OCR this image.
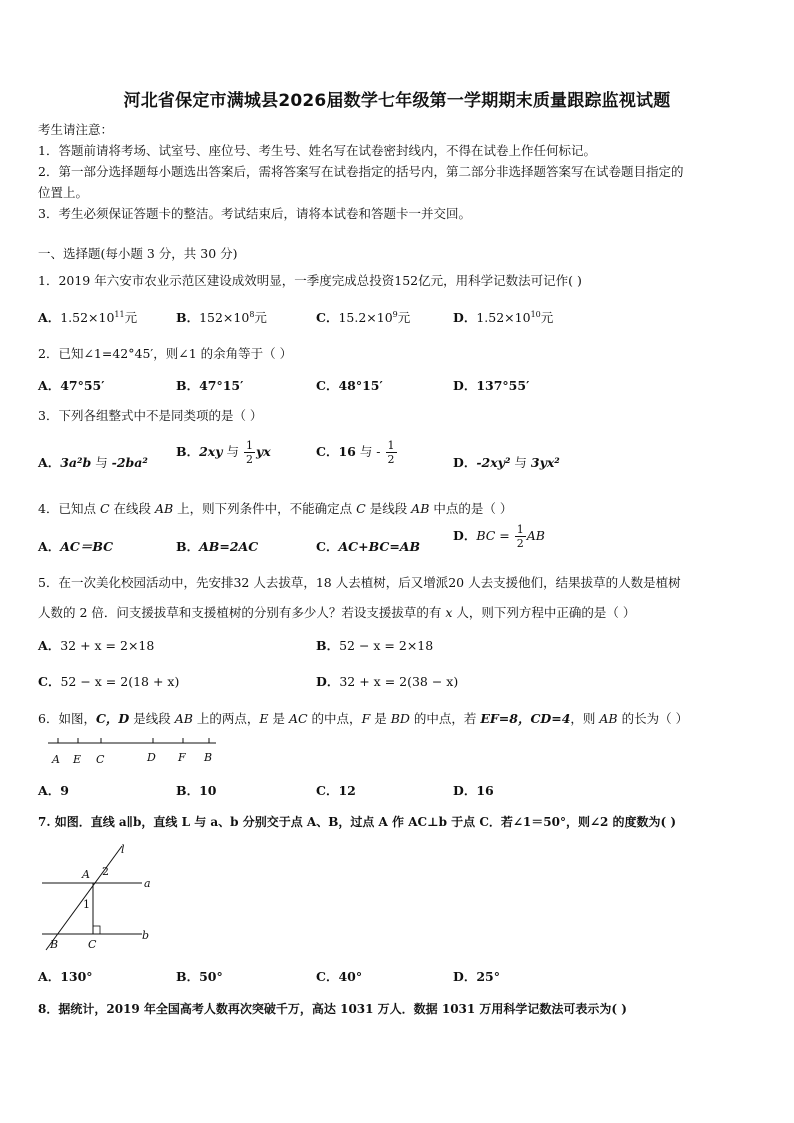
河北省保定市满城县2026届数学七年级第一学期期末质量跟踪监视试题
考生请注意：
1．答题前请将考场、试室号、座位号、考生号、姓名写在试卷密封线内，不得在试卷上作任何标记。
2．第一部分选择题每小题选出答案后，需将答案写在试卷指定的括号内，第二部分非选择题答案写在试卷题目指定的
位置上。
3．考生必须保证答题卡的整洁。考试结束后，请将本试卷和答题卡一并交回。
一、选择题(每小题 3 分，共 30 分)
1．2019 年六安市农业示范区建设成效明显，一季度完成总投资152亿元，用科学记数法可记作( )
A．$1.52\times 10^{11}$元	B．$152\times 10^8$元	C．$15.2\times 10^9$元	D．$1.52\times 10^{10}$元
2．已知∠1=42°45′，则∠1 的余角等于（ ）
A．47°55′	B．47°15′	C．48°15′	D．137°55′
3．下列各组整式中不是同类项的是（ ）
A．3a²b 与 -2ba²
B．2xy 与 $\frac{1}{2}$ yx	C．16 与 - $\frac{1}{2}$	D．-2xy² 与 3yx²
4．已知点 C 在线段 AB 上，则下列条件中，不能确定点 C 是线段 AB 中点的是（ ）
A．AC＝BC	B．AB=2AC	C．AC+BC=AB
D．BC = $\frac{1}{2}$ AB
5．在一次美化校园活动中，先安排32 人去拔草，18 人去植树，后又增派20 人去支援他们，结果拔草的人数是植树
人数的 2 倍．问支援拔草和支援植树的分别有多少人？若设支援拔草的有 x 人，则下列方程中正确的是（ ）
A．32 + x = 2×18	B．52 − x = 2×18
C．52 − x = 2(18 + x)	D．32 + x = 2(38 − x)
6．如图，C，D 是线段 AB 上的两点，E 是 AC 的中点，F 是 BD 的中点，若 EF=8，CD=4，则 AB 的长为（ ）
A E C	D F B
A．9	B．10	C．12	D．16
7. 如图．直线 a∥b，直线 L 与 a、b 分别交于点 A、B，过点 A 作 AC⊥b 于点 C．若∠1＝50°，则∠2 的度数为( )
l
A 2
a
1
B	C
b
A．130°	B．50°	C．40°	D．25°
8．据统计，2019 年全国高考人数再次突破千万，高达 1031 万人．数据 1031 万用科学记数法可表示为( )
